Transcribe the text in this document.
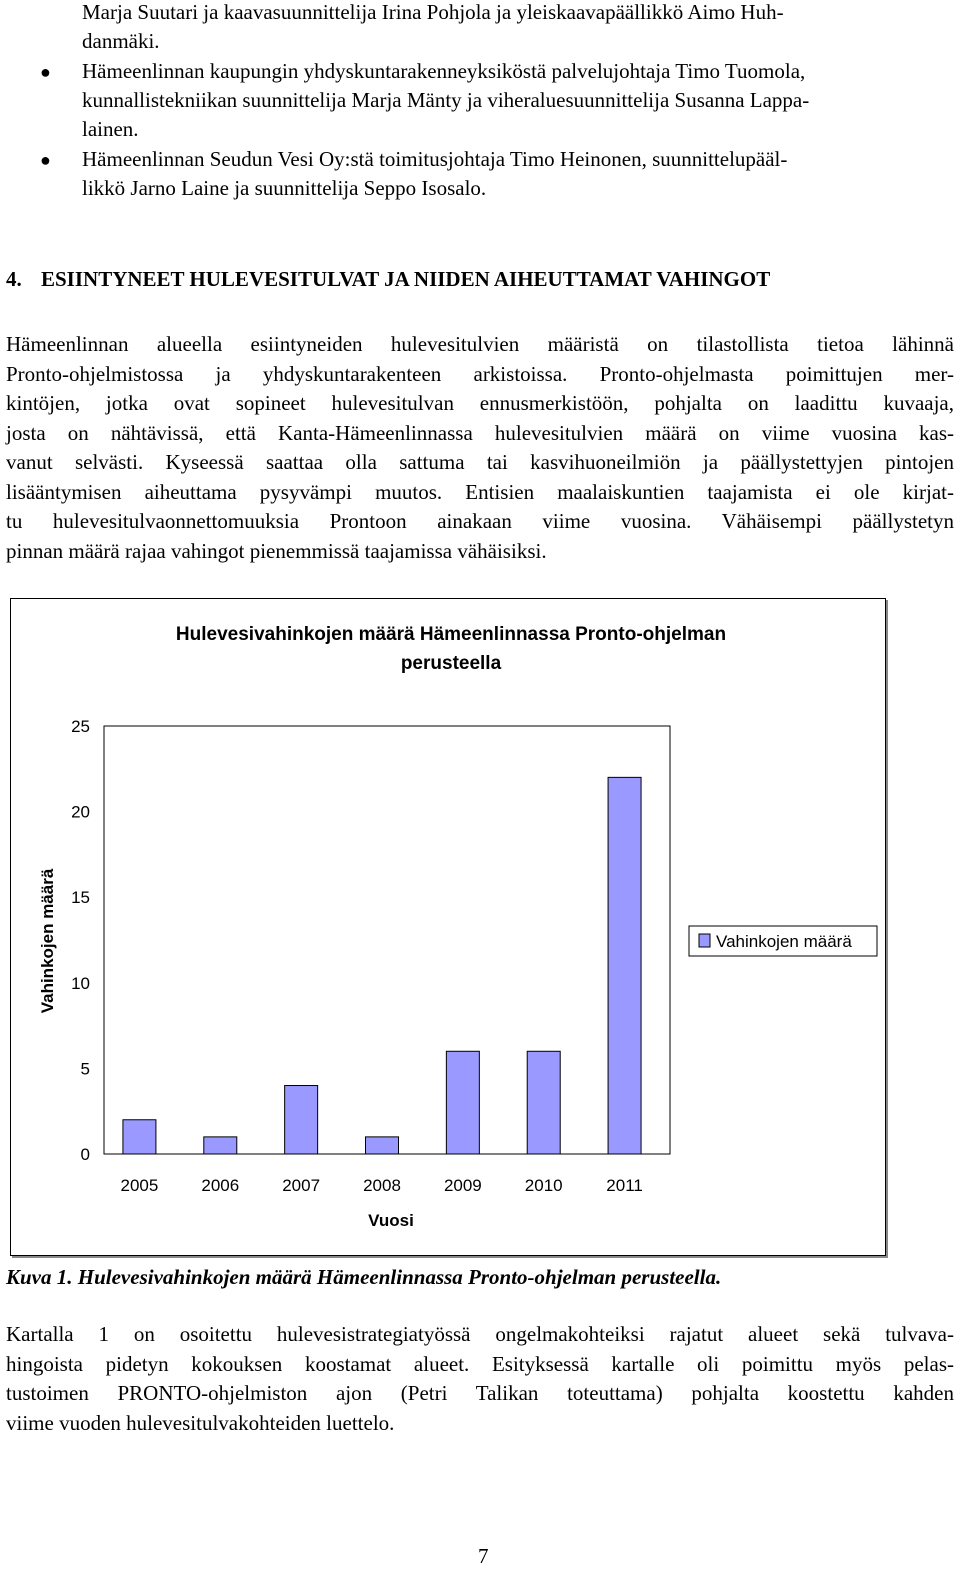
Marja Suutari ja kaavasuunnittelija Irina Pohjola ja yleiskaavapäällikkö Aimo Huh-
danmäki.
● Hämeenlinnan kaupungin yhdyskuntarakenneyksiköstä palvelujohtaja Timo Tuomola,
kunnallistekniikan suunnittelija Marja Mänty ja viheraluesuunnittelija Susanna Lappa-
lainen.
● Hämeenlinnan Seudun Vesi Oy:stä toimitusjohtaja Timo Heinonen, suunnittelupääl-
likkö Jarno Laine ja suunnittelija Seppo Isosalo.
4. ESIINTYNEET HULEVESITULVAT JA NIIDEN AIHEUTTAMAT VAHINGOT
Hämeenlinnan alueella esiintyneiden hulevesitulvien määristä on tilastollista tietoa lähinnä
Pronto-ohjelmistossa ja yhdyskuntarakenteen arkistoissa. Pronto-ohjelmasta poimittujen mer-
kintöjen, jotka ovat sopineet hulevesitulvan ennusmerkistöön, pohjalta on laadittu kuvaaja,
josta on nähtävissä, että Kanta-Hämeenlinnassa hulevesitulvien määrä on viime vuosina kas-
vanut selvästi. Kyseessä saattaa olla sattuma tai kasvihuoneilmiön ja päällystettyjen pintojen
lisääntymisen aiheuttama pysyvämpi muutos. Entisien maalaiskuntien taajamista ei ole kirjat-
tu hulevesitulvaonnettomuuksia Prontoon ainakaan viime vuosina. Vähäisempi päällystetyn
pinnan määrä rajaa vahingot pienemmissä taajamissa vähäisiksi.
Hulevesivahinkojen määrä Hämeenlinnassa Pronto-ohjelman
perusteella
0
5
10
15
20
25
2005	2006	2007	2008	2009	2010	2011
Vuosi
Vahinkojen määrä	Vahinkojen määrä
Kuva 1. Hulevesivahinkojen määrä Hämeenlinnassa Pronto-ohjelman perusteella.
Kartalla 1 on osoitettu hulevesistrategiatyössä ongelmakohteiksi rajatut alueet sekä tulvava-
hingoista pidetyn kokouksen koostamat alueet. Esityksessä kartalle oli poimittu myös pelas-
tustoimen PRONTO-ohjelmiston ajon (Petri Talikan toteuttama) pohjalta koostettu kahden
viime vuoden hulevesitulvakohteiden luettelo.
7
